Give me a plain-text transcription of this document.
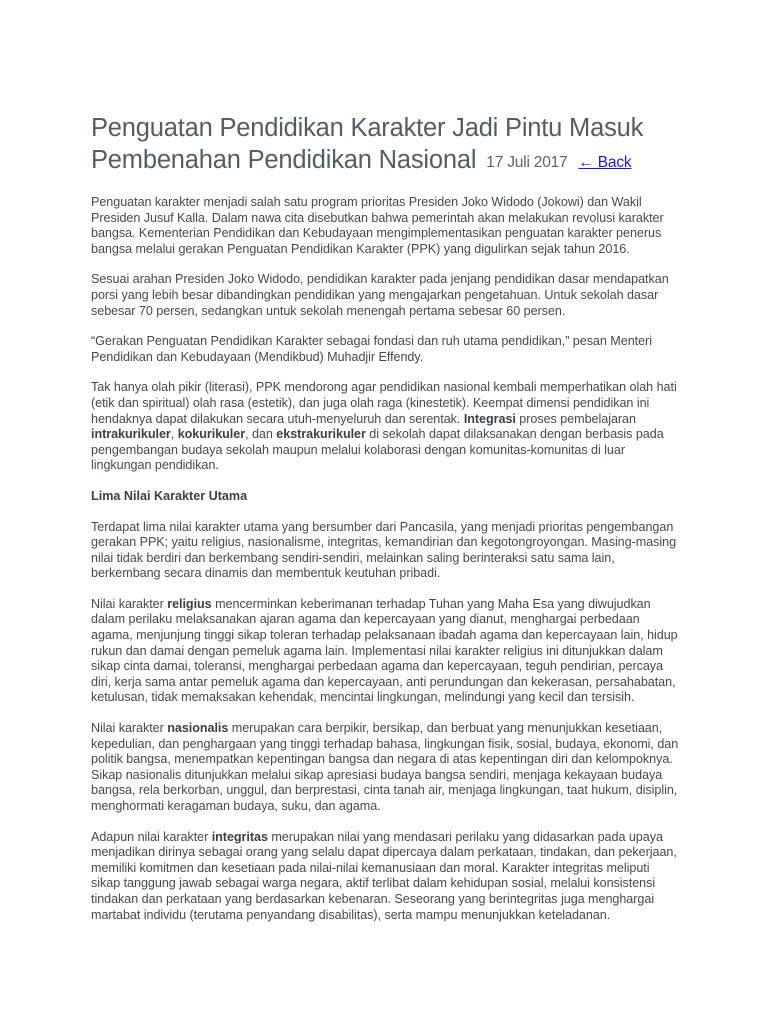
Penguatan Pendidikan Karakter Jadi Pintu Masuk
Pembenahan Pendidikan Nasional 17 Juli 2017 ← Back

Penguatan karakter menjadi salah satu program prioritas Presiden Joko Widodo (Jokowi) dan Wakil Presiden Jusuf Kalla. Dalam nawa cita disebutkan bahwa pemerintah akan melakukan revolusi karakter bangsa. Kementerian Pendidikan dan Kebudayaan mengimplementasikan penguatan karakter penerus bangsa melalui gerakan Penguatan Pendidikan Karakter (PPK) yang digulirkan sejak tahun 2016.

Sesuai arahan Presiden Joko Widodo, pendidikan karakter pada jenjang pendidikan dasar mendapatkan porsi yang lebih besar dibandingkan pendidikan yang mengajarkan pengetahuan. Untuk sekolah dasar sebesar 70 persen, sedangkan untuk sekolah menengah pertama sebesar 60 persen.

“Gerakan Penguatan Pendidikan Karakter sebagai fondasi dan ruh utama pendidikan,” pesan Menteri Pendidikan dan Kebudayaan (Mendikbud) Muhadjir Effendy.

Tak hanya olah pikir (literasi), PPK mendorong agar pendidikan nasional kembali memperhatikan olah hati (etik dan spiritual) olah rasa (estetik), dan juga olah raga (kinestetik). Keempat dimensi pendidikan ini hendaknya dapat dilakukan secara utuh-menyeluruh dan serentak. Integrasi proses pembelajaran intrakurikuler, kokurikuler, dan ekstrakurikuler di sekolah dapat dilaksanakan dengan berbasis pada pengembangan budaya sekolah maupun melalui kolaborasi dengan komunitas-komunitas di luar lingkungan pendidikan.

Lima Nilai Karakter Utama

Terdapat lima nilai karakter utama yang bersumber dari Pancasila, yang menjadi prioritas pengembangan gerakan PPK; yaitu religius, nasionalisme, integritas, kemandirian dan kegotongroyongan. Masing-masing nilai tidak berdiri dan berkembang sendiri-sendiri, melainkan saling berinteraksi satu sama lain, berkembang secara dinamis dan membentuk keutuhan pribadi.

Nilai karakter religius mencerminkan keberimanan terhadap Tuhan yang Maha Esa yang diwujudkan dalam perilaku melaksanakan ajaran agama dan kepercayaan yang dianut, menghargai perbedaan agama, menjunjung tinggi sikap toleran terhadap pelaksanaan ibadah agama dan kepercayaan lain, hidup rukun dan damai dengan pemeluk agama lain. Implementasi nilai karakter religius ini ditunjukkan dalam sikap cinta damai, toleransi, menghargai perbedaan agama dan kepercayaan, teguh pendirian, percaya diri, kerja sama antar pemeluk agama dan kepercayaan, anti perundungan dan kekerasan, persahabatan, ketulusan, tidak memaksakan kehendak, mencintai lingkungan, melindungi yang kecil dan tersisih.

Nilai karakter nasionalis merupakan cara berpikir, bersikap, dan berbuat yang menunjukkan kesetiaan, kepedulian, dan penghargaan yang tinggi terhadap bahasa, lingkungan fisik, sosial, budaya, ekonomi, dan politik bangsa, menempatkan kepentingan bangsa dan negara di atas kepentingan diri dan kelompoknya. Sikap nasionalis ditunjukkan melalui sikap apresiasi budaya bangsa sendiri, menjaga kekayaan budaya bangsa, rela berkorban, unggul, dan berprestasi, cinta tanah air, menjaga lingkungan, taat hukum, disiplin, menghormati keragaman budaya, suku, dan agama.

Adapun nilai karakter integritas merupakan nilai yang mendasari perilaku yang didasarkan pada upaya menjadikan dirinya sebagai orang yang selalu dapat dipercaya dalam perkataan, tindakan, dan pekerjaan, memiliki komitmen dan kesetiaan pada nilai-nilai kemanusiaan dan moral. Karakter integritas meliputi sikap tanggung jawab sebagai warga negara, aktif terlibat dalam kehidupan sosial, melalui konsistensi tindakan dan perkataan yang berdasarkan kebenaran. Seseorang yang berintegritas juga menghargai martabat individu (terutama penyandang disabilitas), serta mampu menunjukkan keteladanan.
